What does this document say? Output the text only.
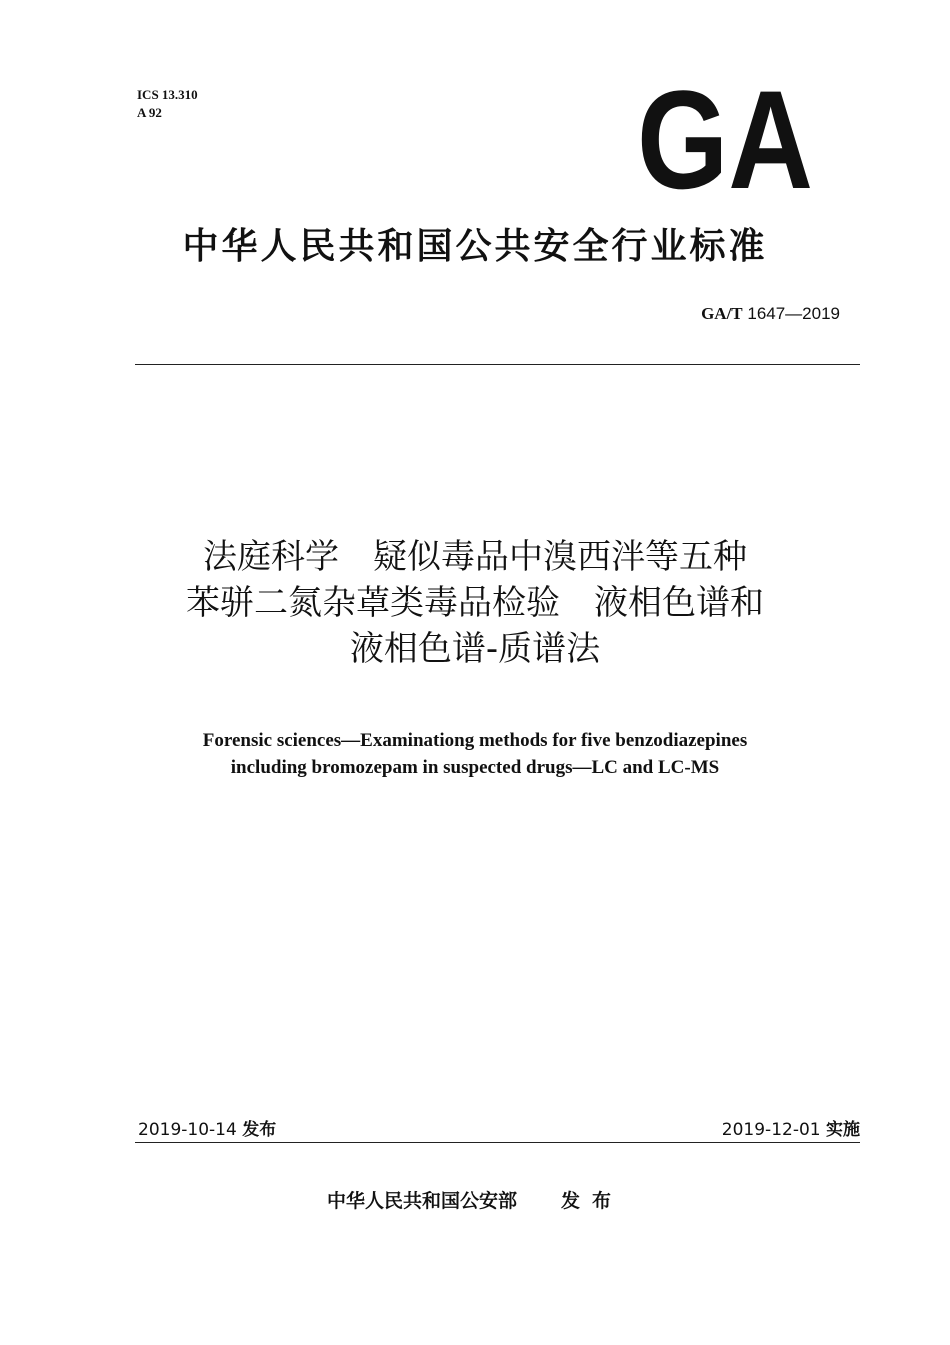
ICS 13.310
A 92	GA
中华人民共和国公共安全行业标准
GA/T 1647—2019
法庭科学　疑似毒品中溴西泮等五种
苯骈二氮杂䓬类毒品检验　液相色谱和
液相色谱-质谱法
Forensic sciences—Examinationg methods for five benzodiazepines
including bromozepam in suspected drugs—LC and LC-MS
2019-10-14 发布	2019-12-01 实施
中华人民共和国公安部 发布
